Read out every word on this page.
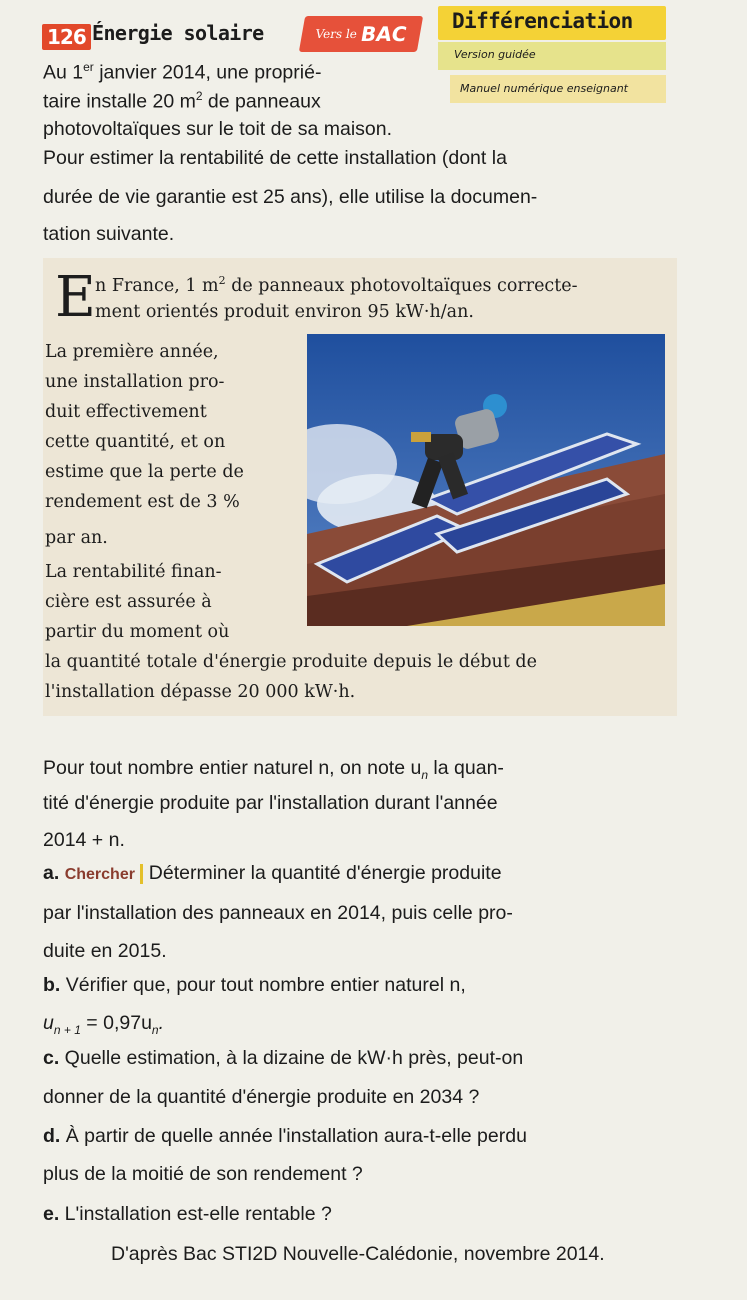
126 Énergie solaire	Vers le BAC
Différenciation
Version guidée
Manuel numérique enseignant
Au 1er janvier 2014, une proprié-
taire installe 20 $m^2$ de panneaux
photovoltaïques sur le toit de sa maison.
Pour estimer la rentabilité de cette installation (dont la
durée de vie garantie est 25 ans), elle utilise la documen-
tation suivante.
E n France, 1 $m^2$ de panneaux photovoltaïques correcte-
ment orientés produit environ 95 kW·h/an.
La première année,
une installation pro-
duit effectivement
cette quantité, et on
estime que la perte de
rendement est de 3 %
par an.
La rentabilité finan-
cière est assurée à
partir du moment où
la quantité totale d'énergie produite depuis le début de
l'installation dépasse 20 000 kW·h.
Pour tout nombre entier naturel n, on note $u_n$ la quan-
tité d'énergie produite par l'installation durant l'année
2014 + n.
a. Chercher  Déterminer la quantité d'énergie produite
par l'installation des panneaux en 2014, puis celle pro-
duite en 2015.
b. Vérifier que, pour tout nombre entier naturel n,
$u_{n + 1} = 0,97u_n$.
c. Quelle estimation, à la dizaine de kW·h près, peut-on
donner de la quantité d'énergie produite en 2034 ?
d. À partir de quelle année l'installation aura-t-elle perdu
plus de la moitié de son rendement ?
e. L'installation est-elle rentable ?
D'après Bac STI2D Nouvelle-Calédonie, novembre 2014.
